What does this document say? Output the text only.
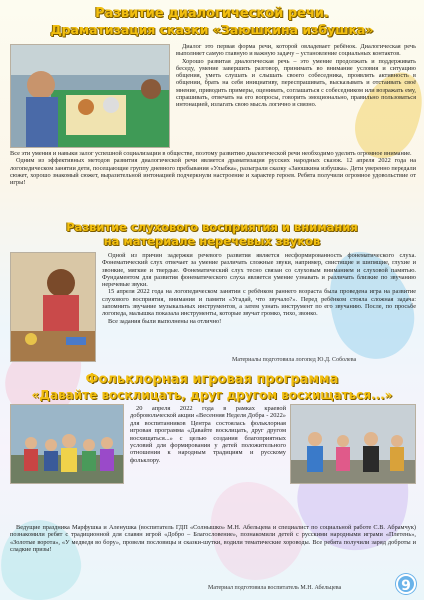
Развитие диалогической речи.
Драматизация сказки «Заюшкина избушка»

Диалог это первая форма речи, которой овладевает ребёнок. Диалогическая речь выполняет самую главную и важную задачу – установление социальных контактов.

Хорошо развитая диалогическая речь – это умение продолжать и поддерживать беседу, умение завершить разговор, принимать во внимание условия и ситуацию общения, уметь слушать и слышать своего собеседника, проявлять активность в общении, брать на себя инициативу, переспрашивать, высказывать и отстаивать своё мнение, приводить примеры, оценивать, соглашаться с собеседником или возражать ему, спрашивать, отвечать на его вопросы, говорить эмоционально, правильно пользоваться интонацией, излагать свою мысль логично и связно.

Все эти умения и навыки залог успешной социализации в обществе, поэтому развитию диалогической речи необходимо уделять огромное внимание.

Одним из эффективных методов развития диалогической речи является драматизация русских народных сказок. 12 апреля 2022 года на логопедическом занятии дети, посещающие группу дневного пребывания «Улыбка», разыграли сказку «Заюшкина избушка». Дети уверенно передали сюжет, хорошо знакомый сюжет, выразительной интонацией подчеркнули настроение и характер героев. Ребята получили огромное удовольствие от игры!

Развитие слухового восприятия и внимания
на материале неречевых звуков

Одной из причин задержки речевого развития является несформированность фонематического слуха. Фонематический слух отвечает за умение различать сложные звуки, например, свистящие и шипящие, глухие и звонкие, мягкие и твердые. Фонематический слух тесно связан со слуховым вниманием и слуховой памятью. Фундаментом для развития фонематического слуха является умение узнавать и различать близкие по звучанию неречевые звуки.

15 апреля 2022 года на логопедическом занятии с ребёнком раннего возраста была проведена игра на развитие слухового восприятия, внимания и памяти «Угадай, что звучало?». Перед ребёнком стояла сложная задача: запомнить звучание музыкальных инструментов, а затем узнать инструмент по его звучанию. После, по просьбе логопеда, малышка показала инструменты, которые звучат громко, тихо, звонко.

Все задания были выполнены на отлично!

Материалы подготовила логопед Ю.Д. Соболева
Фольклорная игровая программа
«Давайте восклицать, друг другом восхищаться...»

20 апреля 2022 года в рамках краевой добровольческой акции «Весенняя Неделя Добра - 2022» для воспитанников Центра состоялась фольклорная игровая программа «Давайте восклицать, друг другом восхищаться...» с целью создания благоприятных условий для формирования у детей положительного отношения к народным традициям и русскому фольклору.

Ведущие праздника Марфушка и Аленушка (воспитатель ГДП «Солнышко» М.Н. Абельцева и специалист по социальной работе С.В. Абрамчук) познакомили ребят с традиционной для славян игрой «Добро – Благословение», познакомили детей с русскими народными играми «Плетень», «Золотые ворота», «У медведя во бору», провели пословицы и сказки-шутки, водили тематические хороводы. Все ребята получили заряд доброты и сладкие призы!

Материал подготовила воспитатель М.Н. Абельцева	9
